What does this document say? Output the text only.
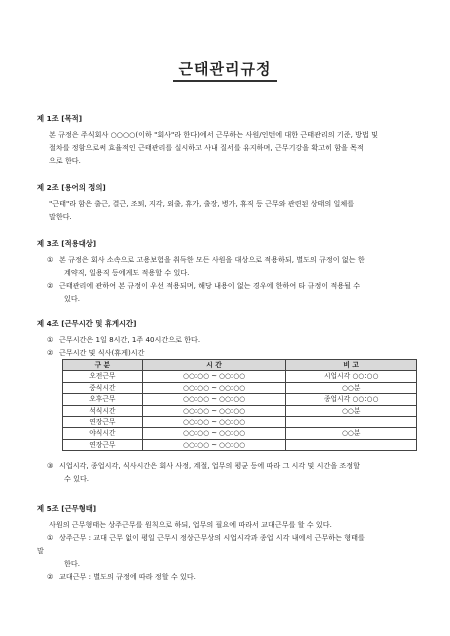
근태관리규정
제 1조 [목적]

본 규정은 주식회사 ○○○○(이하 "회사"라 한다)에서 근무하는 사원/인턴에 대한 근태관리의 기준, 방법 및

절차를 정함으로써 효율적인 근태관리를 실시하고 사내 질서를 유지하며, 근무기강을 확고히 함을 목적

으로 한다.

제 2조 [용어의 정의]

"근태"라 함은 출근, 결근, 조퇴, 지각, 외출, 휴가, 출장, 병가, 휴직 등 근무와 관련된 상태의 일체를

말한다.

제 3조 [적용대상]

① 본 규정은 회사 소속으로 고용보험을 취득한 모든 사원을 대상으로 적용하되, 별도의 규정이 없는 한

계약직, 일용직 등에게도 적용할 수 있다.

② 근태관리에 관하여 본 규정이 우선 적용되며, 해당 내용이 없는 경우에 한하여 타 규정이 적용될 수

있다.

제 4조 [근무시간 및 휴게시간]

① 근무시간은 1일 8시간, 1주 40시간으로 한다.

② 근무시간 및 식사(휴게)시간

구 분	시 간	비 고
오전근무	○○:○○ ~ ○○:○○	시업시각 ○○:○○
중식시간	○○:○○ ~ ○○:○○	○○분
오후근무	○○:○○ ~ ○○:○○	종업시각 ○○:○○
석식시간	○○:○○ ~ ○○:○○	○○분
연장근무	○○:○○ ~ ○○:○○	
야식시간	○○:○○ ~ ○○:○○	○○분
연장근무	○○:○○ ~ ○○:○○	

③ 시업시각, 종업시각, 식사시간은 회사 사정, 계절, 업무의 평균 등에 따라 그 시각 및 시간을 조정할

수 있다.

제 5조 [근무형태]

사원의 근무형태는 상주근무를 원칙으로 하되, 업무의 필요에 따라서 교대근무를 할 수 있다.

① 상주근무 : 교대 근무 없이 평일 근무시 정상근무상의 시업시각과 종업 시각 내에서 근무하는 형태를

말

한다.

② 교대근무 : 별도의 규정에 따라 정할 수 있다.
